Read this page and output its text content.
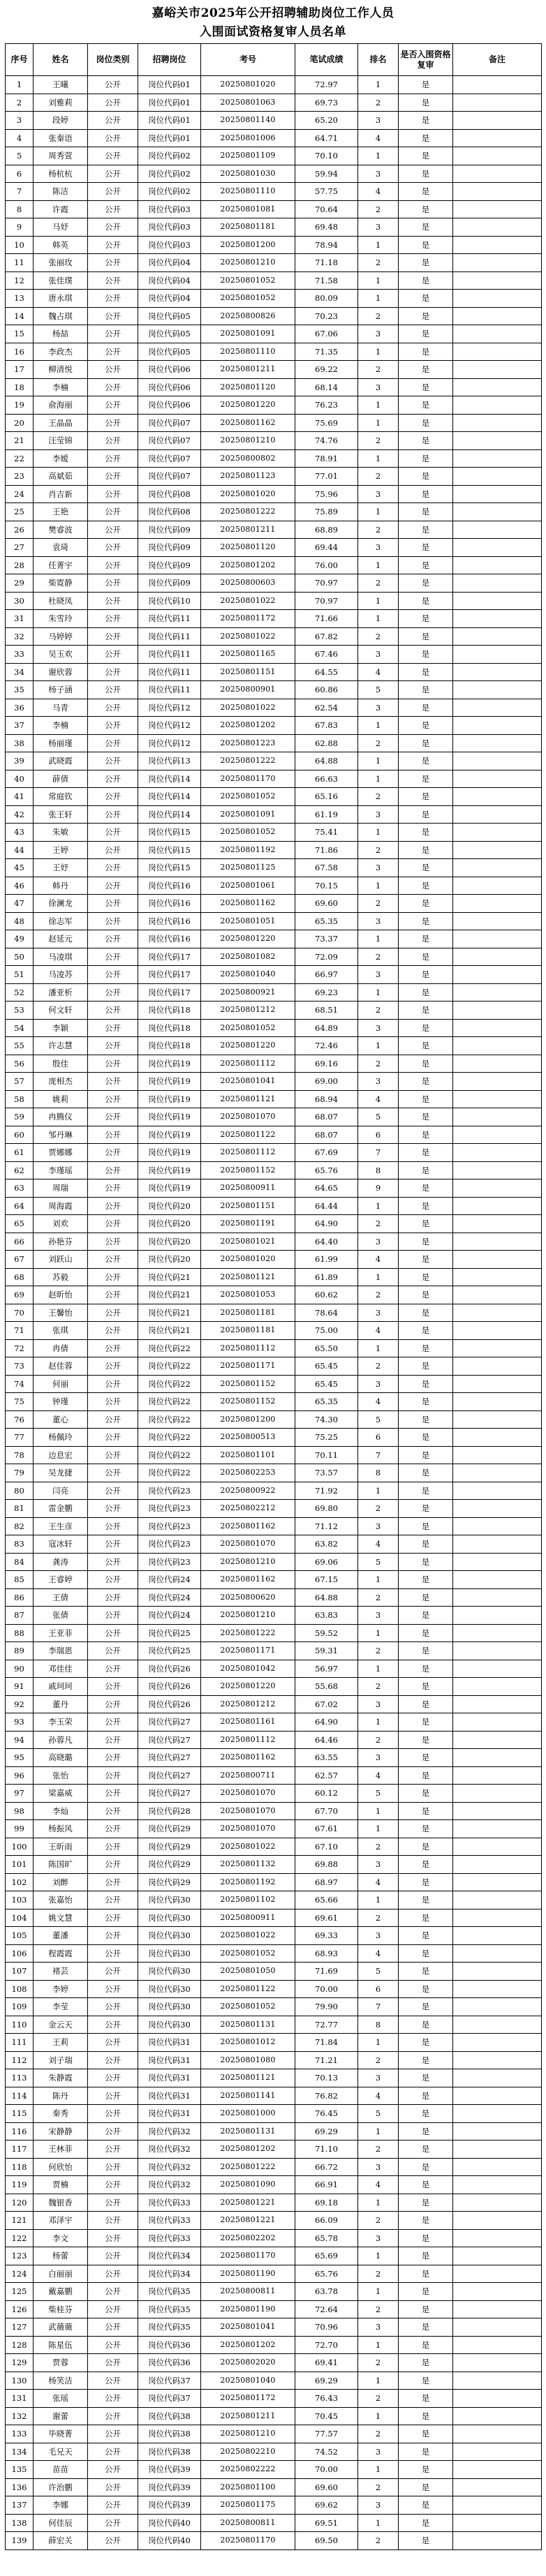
嘉峪关市2025年公开招聘辅助岗位工作人员
入围面试资格复审人员名单
序号	姓名	岗位类别	招聘岗位	考号	笔试成绩	排名	是否入围资格复审	备注
1	王曦	公开	岗位代码01	20250801020	72.97	1	是	
2	刘雅莉	公开	岗位代码01	20250801063	69.73	2	是	
3	段婷	公开	岗位代码01	20250801140	65.20	3	是	
4	张秦语	公开	岗位代码01	20250801006	64.71	4	是	
5	周秀萱	公开	岗位代码02	20250801109	70.10	1	是	
6	杨杭杭	公开	岗位代码02	20250801030	59.94	3	是	
7	陈洁	公开	岗位代码02	20250801110	57.75	4	是	
8	许霞	公开	岗位代码03	20250801081	70.64	2	是	
9	马妤	公开	岗位代码03	20250801181	69.48	3	是	
10	韩英	公开	岗位代码03	20250801200	78.94	1	是	
11	张丽玫	公开	岗位代码04	20250801210	71.18	2	是	
12	张佳璞	公开	岗位代码04	20250801052	71.58	1	是	
13	唐永琪	公开	岗位代码04	20250801052	80.09	1	是	
14	魏占琪	公开	岗位代码05	20250800826	70.23	2	是	
15	杨喆	公开	岗位代码05	20250801091	67.06	3	是	
16	李政杰	公开	岗位代码05	20250801110	71.35	1	是	
17	柳清悦	公开	岗位代码06	20250801211	69.22	2	是	
18	李楠	公开	岗位代码06	20250801120	68.14	3	是	
19	俞海丽	公开	岗位代码06	20250801220	76.23	1	是	
20	王晶晶	公开	岗位代码07	20250801162	75.69	1	是	
21	汪莹锦	公开	岗位代码07	20250801210	74.76	2	是	
22	李嫒	公开	岗位代码07	20250800802	78.91	1	是	
23	高斌茹	公开	岗位代码07	20250801123	77.01	2	是	
24	肖吉新	公开	岗位代码08	20250801020	75.96	3	是	
25	王艳	公开	岗位代码08	20250801222	75.89	1	是	
26	樊睿波	公开	岗位代码09	20250801211	68.89	2	是	
27	袁琦	公开	岗位代码09	20250801120	69.44	3	是	
28	任菁宇	公开	岗位代码09	20250801202	76.00	1	是	
29	柴霓静	公开	岗位代码09	20250800603	70.97	2	是	
30	杜晓凤	公开	岗位代码10	20250801022	70.97	1	是	
31	朱雪玲	公开	岗位代码11	20250801172	71.66	1	是	
32	马婷婷	公开	岗位代码11	20250801022	67.82	2	是	
33	吴玉欢	公开	岗位代码11	20250801165	67.46	3	是	
34	谢欣蓉	公开	岗位代码11	20250801151	64.55	4	是	
35	杨子涵	公开	岗位代码11	20250800901	60.86	5	是	
36	马青	公开	岗位代码12	20250801022	62.54	3	是	
37	李楠	公开	岗位代码12	20250801202	67.83	1	是	
38	杨丽瑾	公开	岗位代码12	20250801223	62.88	2	是	
39	武晓霞	公开	岗位代码13	20250801222	64.88	1	是	
40	薛倩	公开	岗位代码14	20250801170	66.63	1	是	
41	常庭钦	公开	岗位代码14	20250801052	65.16	2	是	
42	张王轩	公开	岗位代码14	20250801091	61.19	3	是	
43	朱敏	公开	岗位代码15	20250801052	75.41	1	是	
44	王婷	公开	岗位代码15	20250801192	71.86	2	是	
45	王妤	公开	岗位代码15	20250801125	67.58	3	是	
46	韩丹	公开	岗位代码16	20250801061	70.15	1	是	
47	徐澜龙	公开	岗位代码16	20250801162	69.60	2	是	
48	徐志军	公开	岗位代码16	20250801051	65.35	3	是	
49	赵延元	公开	岗位代码16	20250801220	73.37	1	是	
50	马凌琪	公开	岗位代码17	20250801082	72.09	2	是	
51	马凌苏	公开	岗位代码17	20250801040	66.97	3	是	
52	潘亚析	公开	岗位代码17	20250800921	69.23	1	是	
53	何文轩	公开	岗位代码18	20250801212	68.51	2	是	
54	李颖	公开	岗位代码18	20250801052	64.89	3	是	
55	许志慧	公开	岗位代码18	20250801220	72.46	1	是	
56	殷佳	公开	岗位代码19	20250801112	69.16	2	是	
57	庞相杰	公开	岗位代码19	20250801041	69.00	3	是	
58	姚莉	公开	岗位代码19	20250801121	68.94	4	是	
59	冉腾仪	公开	岗位代码19	20250801070	68.07	5	是	
60	邹丹琳	公开	岗位代码19	20250801122	68.07	6	是	
61	贾娜娜	公开	岗位代码19	20250801112	67.69	7	是	
62	李瑾瑶	公开	岗位代码19	20250801152	65.76	8	是	
63	周瑞	公开	岗位代码19	20250800911	64.65	9	是	
64	周海霞	公开	岗位代码20	20250801151	64.44	1	是	
65	刘欢	公开	岗位代码20	20250801191	64.90	2	是	
66	孙艳芬	公开	岗位代码20	20250801021	64.40	3	是	
67	刘跃山	公开	岗位代码20	20250801020	61.99	4	是	
68	苏毅	公开	岗位代码21	20250801121	61.89	1	是	
69	赵昕怡	公开	岗位代码21	20250801053	60.62	2	是	
70	王馨怡	公开	岗位代码21	20250801181	78.64	3	是	
71	张琪	公开	岗位代码21	20250801181	75.00	4	是	
72	冉倩	公开	岗位代码22	20250801112	65.50	1	是	
73	赵佳蓉	公开	岗位代码22	20250801171	65.45	2	是	
74	何丽	公开	岗位代码22	20250801152	65.45	3	是	
75	钟瑾	公开	岗位代码22	20250801152	65.35	4	是	
76	董心	公开	岗位代码22	20250801200	74.30	5	是	
77	杨佩玲	公开	岗位代码22	20250800513	75.25	6	是	
78	边息宏	公开	岗位代码22	20250801101	70.11	7	是	
79	吴龙捷	公开	岗位代码22	20250802253	73.57	8	是	
80	闫亮	公开	岗位代码23	20250800922	71.92	1	是	
81	雷金鹏	公开	岗位代码23	20250802212	69.80	2	是	
82	王生彦	公开	岗位代码23	20250801162	71.12	3	是	
83	寇冰轩	公开	岗位代码23	20250801070	63.82	4	是	
84	龚涛	公开	岗位代码23	20250801210	69.06	5	是	
85	王睿婷	公开	岗位代码24	20250801162	67.15	1	是	
86	王倩	公开	岗位代码24	20250800620	64.88	2	是	
87	张倩	公开	岗位代码24	20250801210	63.83	3	是	
88	王亚菲	公开	岗位代码25	20250801222	59.52	1	是	
89	李瑞恩	公开	岗位代码25	20250801171	59.31	2	是	
90	邓佳佳	公开	岗位代码26	20250801042	56.97	1	是	
91	戚珂珂	公开	岗位代码26	20250801220	55.68	2	是	
92	董丹	公开	岗位代码26	20250801212	67.02	3	是	
93	李玉荣	公开	岗位代码27	20250801161	64.90	1	是	
94	孙蓉凡	公开	岗位代码27	20250801112	64.46	2	是	
95	高晓璐	公开	岗位代码27	20250801162	63.55	3	是	
96	张怡	公开	岗位代码27	20250800711	62.57	4	是	
97	梁嘉威	公开	岗位代码27	20250801070	60.12	5	是	
98	李灿	公开	岗位代码28	20250801070	67.70	1	是	
99	杨振风	公开	岗位代码29	20250801070	67.61	1	是	
100	王昕雨	公开	岗位代码29	20250801022	67.10	2	是	
101	陈国旷	公开	岗位代码29	20250801132	69.88	3	是	
102	刘醉	公开	岗位代码29	20250801192	68.97	4	是	
103	张嘉怡	公开	岗位代码30	20250801102	65.66	1	是	
104	姚文慧	公开	岗位代码30	20250800911	69.61	2	是	
105	董潘	公开	岗位代码30	20250801022	69.33	3	是	
106	程霞霞	公开	岗位代码30	20250801052	68.93	4	是	
107	褚芸	公开	岗位代码30	20250801050	71.69	5	是	
108	李婷	公开	岗位代码30	20250801122	70.00	6	是	
109	李莹	公开	岗位代码30	20250801052	79.90	7	是	
110	金云天	公开	岗位代码30	20250801131	72.77	8	是	
111	王莉	公开	岗位代码31	20250801012	71.84	1	是	
112	刘子瑞	公开	岗位代码31	20250801080	71.21	2	是	
113	朱静霞	公开	岗位代码31	20250801121	70.13	3	是	
114	陈丹	公开	岗位代码31	20250801141	76.82	4	是	
115	秦秀	公开	岗位代码31	20250801000	76.45	5	是	
116	宋静静	公开	岗位代码32	20250801131	69.29	1	是	
117	王林菲	公开	岗位代码32	20250801202	71.10	2	是	
118	何欣怡	公开	岗位代码32	20250801222	66.72	3	是	
119	贾楠	公开	岗位代码32	20250801090	66.91	4	是	
120	魏银香	公开	岗位代码33	20250801221	69.18	1	是	
121	邓泽宇	公开	岗位代码33	20250801221	66.09	2	是	
122	李文	公开	岗位代码33	20250802202	65.78	3	是	
123	杨蕾	公开	岗位代码34	20250801170	65.69	1	是	
124	白丽丽	公开	岗位代码34	20250801190	65.76	2	是	
125	戴嘉鹏	公开	岗位代码35	20250800811	63.78	1	是	
126	柴桂芬	公开	岗位代码35	20250801190	72.64	2	是	
127	武薇薇	公开	岗位代码35	20250801041	70.96	3	是	
128	陈星伍	公开	岗位代码36	20250801202	72.70	1	是	
129	贾蓉	公开	岗位代码36	20250802020	69.41	2	是	
130	杨笑洁	公开	岗位代码37	20250801040	69.29	1	是	
131	张瑶	公开	岗位代码37	20250801172	76.43	2	是	
132	谢蕾	公开	岗位代码38	20250801211	70.45	1	是	
133	毕晓菁	公开	岗位代码38	20250801210	77.57	2	是	
134	毛兄天	公开	岗位代码38	20250802210	74.52	3	是	
135	苗苗	公开	岗位代码39	20250802222	70.00	1	是	
136	许治鹏	公开	岗位代码39	20250801100	69.60	2	是	
137	李娜	公开	岗位代码39	20250801175	69.62	3	是	
138	何佳辰	公开	岗位代码40	20250800811	69.51	1	是	
139	薛宏关	公开	岗位代码40	20250801170	69.50	2	是	
